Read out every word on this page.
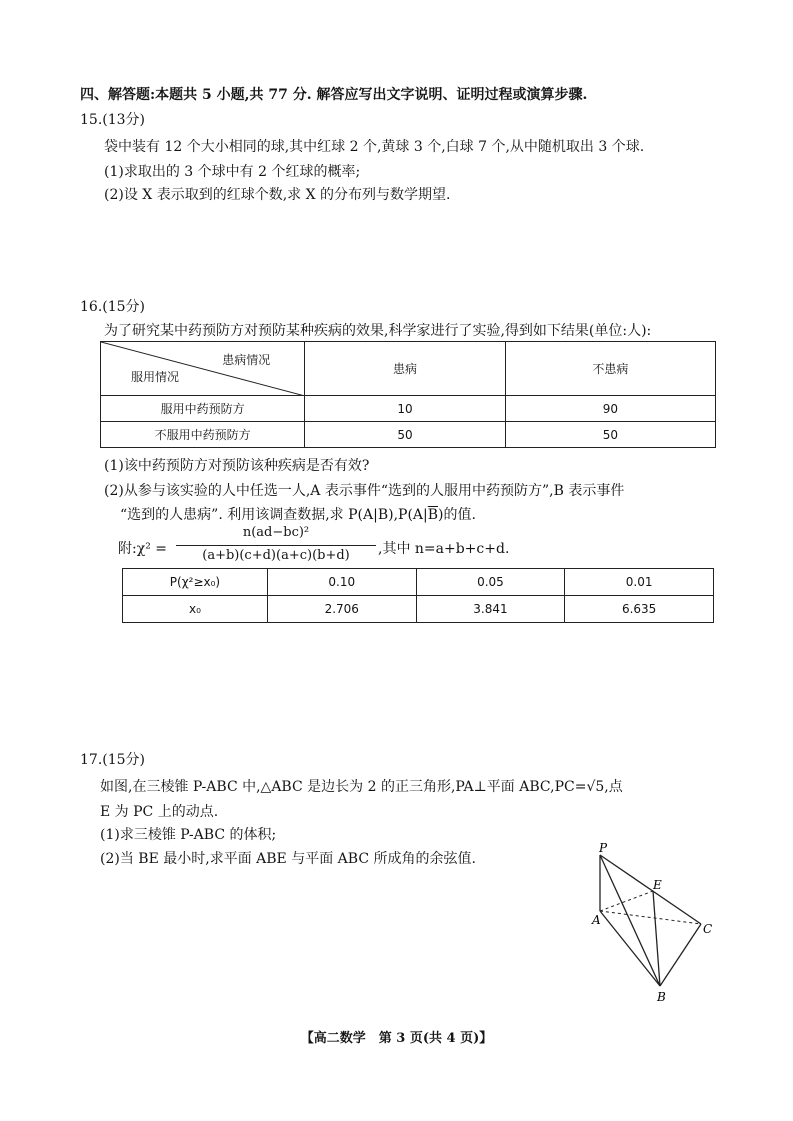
四、解答题:本题共 5 小题,共 77 分. 解答应写出文字说明、证明过程或演算步骤.
15.(13分)
袋中装有 12 个大小相同的球,其中红球 2 个,黄球 3 个,白球 7 个,从中随机取出 3 个球.
(1)求取出的 3 个球中有 2 个红球的概率;
(2)设 X 表示取到的红球个数,求 X 的分布列与数学期望.
16.(15分)
为了研究某中药预防方对预防某种疾病的效果,科学家进行了实验,得到如下结果(单位:人):
患病情况
服用情况	患病	不患病
服用中药预防方	10	90
不服用中药预防方	50	50
(1)该中药预防方对预防该种疾病是否有效?
(2)从参与该实验的人中任选一人,A 表示事件“选到的人服用中药预防方”,B 表示事件
“选到的人患病”. 利用该调查数据,求 $P(A|B),P(A|\overline{B})$的值.
附:χ² =
n(ad−bc)²
(a+b)(c+d)(a+c)(b+d)	,其中 n=a+b+c+d.
P(χ²≥x₀)	0.10	0.05	0.01
x₀	2.706	3.841	6.635
17.(15分)
如图,在三棱锥 P-ABC 中,△ABC 是边长为 2 的正三角形,PA⊥平面 ABC,PC=√5,点
E 为 PC 上的动点.
(1)求三棱锥 P-ABC 的体积;
(2)当 BE 最小时,求平面 ABE 与平面 ABC 所成角的余弦值.
P
E
A
C
B
【高二数学　第 3 页(共 4 页)】
